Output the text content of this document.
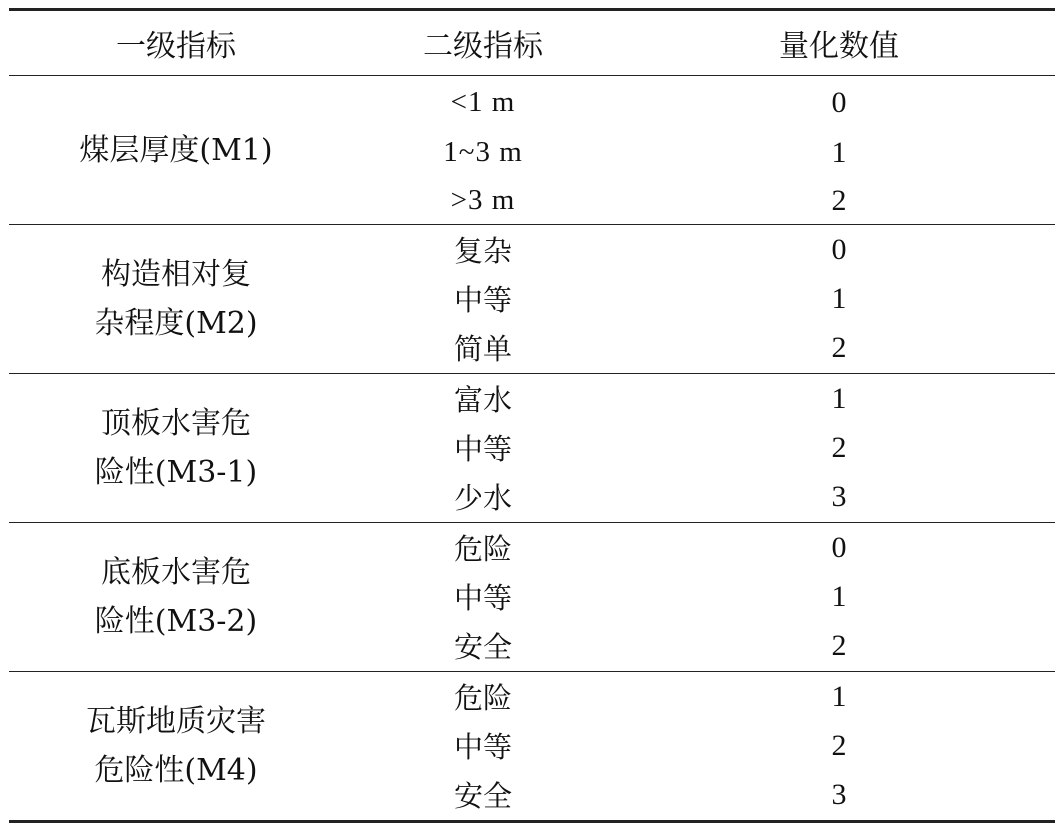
一级指标	二级指标	量化数值
煤层厚度(M1)
<1 m	0
1~3 m	1
>3 m	2
构造相对复
杂程度(M2)
复杂	0
中等	1
简单	2
顶板水害危
险性(M3-1)
富水	1
中等	2
少水	3
底板水害危
险性(M3-2)
危险	0
中等	1
安全	2
瓦斯地质灾害
危险性(M4)
危险	1
中等	2
安全	3
